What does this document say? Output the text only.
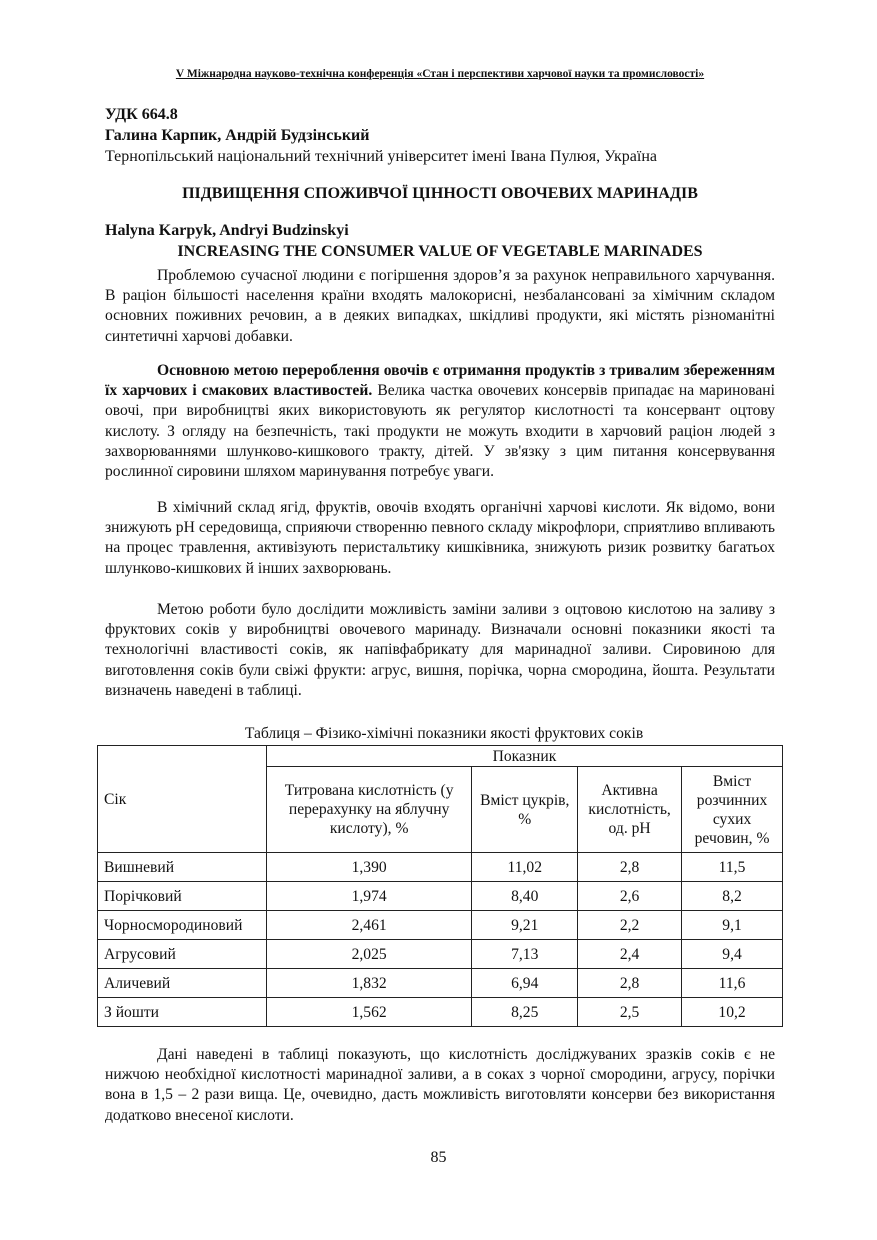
V Міжнародна науково-технічна конференція «Стан і перспективи харчової науки та промисловості»
УДК 664.8
Галина Карпик, Андрій Будзінський
Тернопільський національний технічний університет імені Івана Пулюя, Україна
ПІДВИЩЕННЯ СПОЖИВЧОЇ ЦІННОСТІ ОВОЧЕВИХ МАРИНАДІВ
Halyna Karpyk, Andryi Budzinskyi
INCREASING THE CONSUMER VALUE OF VEGETABLE MARINADES
Проблемою сучасної людини є погіршення здоров’я за рахунок неправильного харчування. В раціон більшості населення країни входять малокорисні, незбалансовані за хімічним складом основних поживних речовин, а в деяких випадках, шкідливі продукти, які містять різноманітні синтетичні харчові добавки.
Основною метою перероблення овочів є отримання продуктів з тривалим збереженням їх харчових і смакових властивостей. Велика частка овочевих консервів припадає на мариновані овочі, при виробництві яких використовують як регулятор кислотності та консервант оцтову кислоту. З огляду на безпечність, такі продукти не можуть входити в харчовий раціон людей з захворюваннями шлунково-кишкового тракту, дітей. У зв'язку з цим питання консервування рослинної сировини шляхом маринування потребує уваги.
В хімічний склад ягід, фруктів, овочів входять органічні харчові кислоти. Як відомо, вони знижують рН середовища, сприяючи створенню певного складу мікрофлори, сприятливо впливають на процес травлення, активізують перистальтику кишківника, знижують ризик розвитку багатьох шлунково-кишкових й інших захворювань.
Метою роботи було дослідити можливість заміни заливи з оцтовою кислотою на заливу з фруктових соків у виробництві овочевого маринаду. Визначали основні показники якості та технологічні властивості соків, як напівфабрикату для маринадної заливи. Сировиною для виготовлення соків були свіжі фрукти: агрус, вишня, порічка, чорна смородина, йошта. Результати визначень наведені в таблиці.
Таблиця – Фізико-хімічні показники якості фруктових соків
Сік	Показник			
	Титрована кислотність (у перерахунку на яблучну кислоту), %	Вміст цукрів, %	Активна кислотність, од. рН	Вміст розчинних сухих речовин, %
Вишневий	1,390	11,02	2,8	11,5
Порічковий	1,974	8,40	2,6	8,2
Чорносмородиновий	2,461	9,21	2,2	9,1
Агрусовий	2,025	7,13	2,4	9,4
Аличевий	1,832	6,94	2,8	11,6
З йошти	1,562	8,25	2,5	10,2
Дані наведені в таблиці показують, що кислотність досліджуваних зразків соків є не нижчою необхідної кислотності маринадної заливи, а в соках з чорної смородини, агрусу, порічки вона в 1,5 – 2 рази вища. Це, очевидно, дасть можливість виготовляти консерви без використання додатково внесеної кислоти.
85
